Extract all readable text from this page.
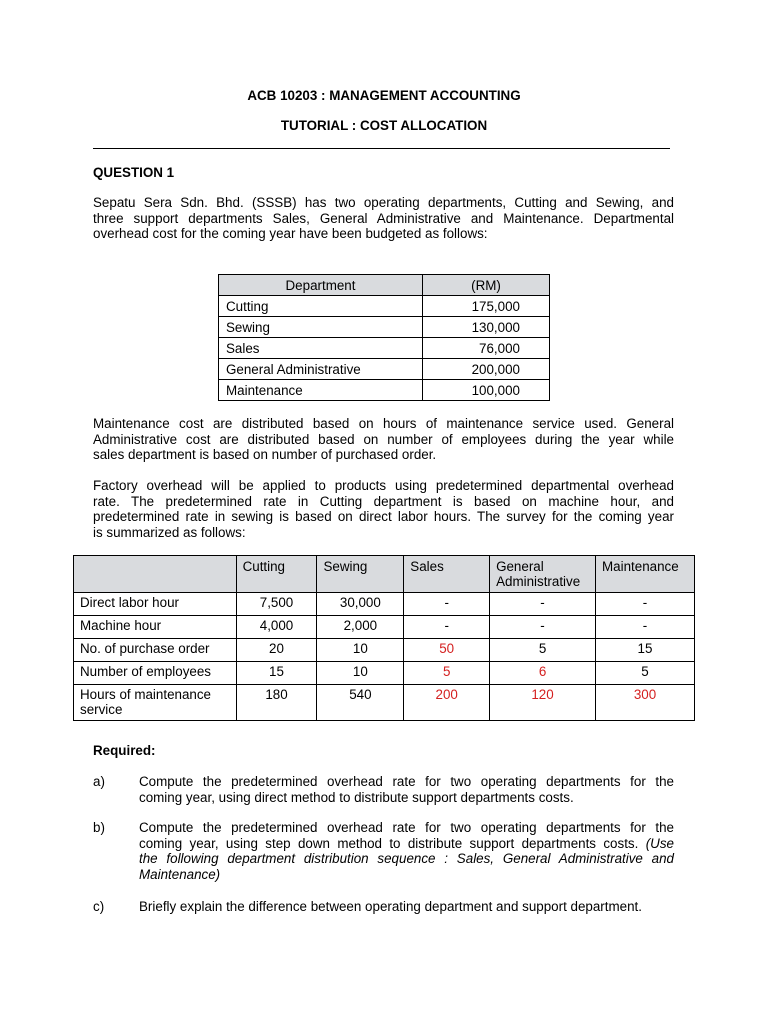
ACB 10203 : MANAGEMENT ACCOUNTING
TUTORIAL : COST ALLOCATION
QUESTION 1
Sepatu Sera Sdn. Bhd. (SSSB) has two operating departments, Cutting and Sewing, and
three support departments Sales, General Administrative and Maintenance. Departmental
overhead cost for the coming year have been budgeted as follows:
Department	(RM)
Cutting	175,000
Sewing	130,000
Sales	76,000
General Administrative	200,000
Maintenance	100,000
Maintenance cost are distributed based on hours of maintenance service used. General
Administrative cost are distributed based on number of employees during the year while
sales department is based on number of purchased order.
Factory overhead will be applied to products using predetermined departmental overhead
rate. The predetermined rate in Cutting department is based on machine hour, and
predetermined rate in sewing is based on direct labor hours. The survey for the coming year
is summarized as follows:
	Cutting	Sewing	Sales	General Administrative	Maintenance
Direct labor hour	7,500	30,000	-	-	-
Machine hour	4,000	2,000	-	-	-
No. of purchase order	20	10	50	5	15
Number of employees	15	10	5	6	5
Hours of maintenance service	180	540	200	120	300
Required:
a)	Compute the predetermined overhead rate for two operating departments for the
coming year, using direct method to distribute support departments costs.
b)	Compute the predetermined overhead rate for two operating departments for the
coming year, using step down method to distribute support departments costs. (Use
the following department distribution sequence : Sales, General Administrative and
Maintenance)
c)	Briefly explain the difference between operating department and support department.
